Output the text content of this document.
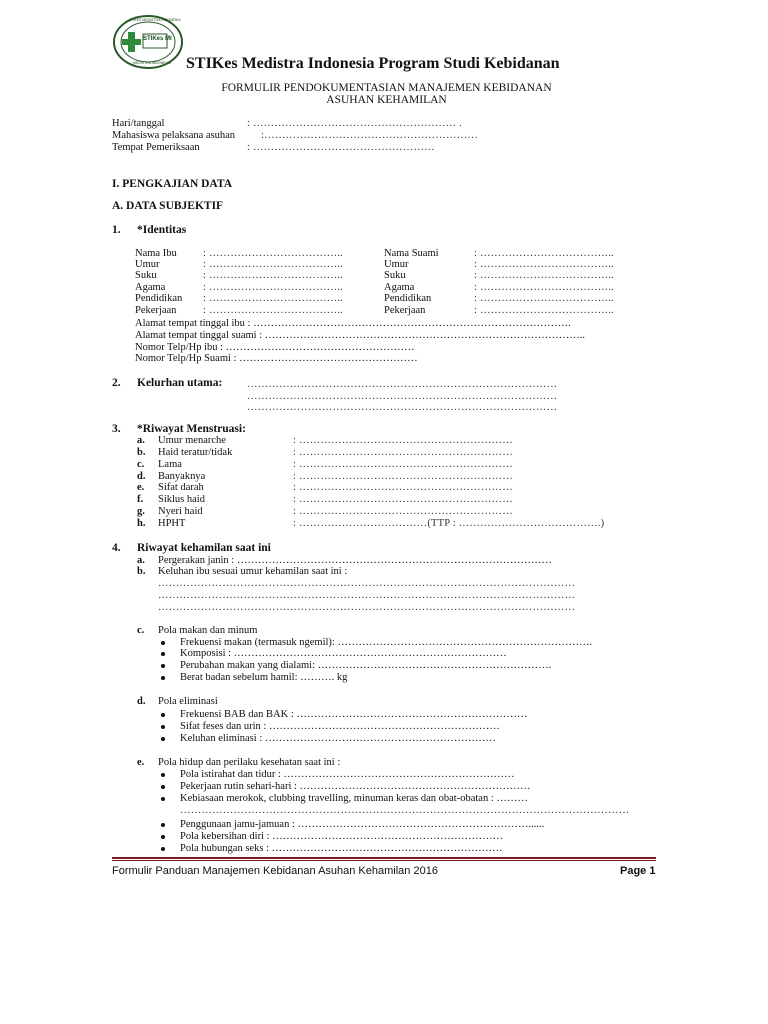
STIKes MI
STIKES MEDISTRA INDONESIA
MEDISTRA INDONESIA STIKes Medistra Indonesia Program Studi Kebidanan
FORMULIR PENDOKUMENTASIAN MANAJEMEN KEBIDANAN
ASUHAN KEHAMILAN
Hari/tanggal	: ………………………………………………… .
Mahasiswa pelaksana asuhan :……………………………………………………
Tempat Pemeriksaan	: ……………………………………………
I. PENGKAJIAN DATA
A. DATA SUBJEKTIF
1. *Identitas
Nama Ibu	: ………………………………..
Umur	: ………………………………..
Suku	: ………………………………..
Agama	: ………………………………..
Pendidikan : ………………………………..
Pekerjaan	: ………………………………..
Nama Suami	: ………………………………..
Umur	: ………………………………..
Suku	: ………………………………..
Agama	: ………………………………..
Pendidikan	: ………………………………..
Pekerjaan	: ………………………………..
Alamat tempat tinggal ibu : ……………………………………………………………………………….
Alamat tempat tinggal suami : ………………………………………………………………………………..
Nomor Telp/Hp ibu : ………………………………………………
Nomor Telp/Hp Suami : ……………………………………………
2. Kelurhan utama: ……………………………………………………………………………
……………………………………………………………………………
……………………………………………………………………………
3. *Riwayat Menstruasi:
a. Umur menarche	: ……………………………………………………
b. Haid teratur/tidak	: ……………………………………………………
c. Lama	: ……………………………………………………
d. Banyaknya	: ……………………………………………………
e. Sifat darah	: ……………………………………………………
f. Siklus haid	: ……………………………………………………
g. Nyeri haid	: ……………………………………………………
h. HPHT	: ………………………………(TTP : ………………………………….)
4. Riwayat kehamilan saat ini
a. Pergerakan janin : ………………………………………………………………………………
b. Keluhan ibu sesuai umur kehamilan saat ini :
………………………………………………………………………………………………………
………………………………………………………………………………………………………
………………………………………………………………………………………………………
c. Pola makan dan minum
Frekuensi makan (termasuk ngemil): ……………………………………………………………….
Komposisi : ……………………………………………………………………
Perubahan makan yang dialami: ………………………………………………………….
Berat badan sebelum hamil: ………. kg
d. Pola eliminasi
Frekuensi BAB dan BAK : …………………………………………………………
Sifat feses dan urin : …………………………………………………………
Keluhan eliminasi : …………………………………………………………
e. Pola hidup dan perilaku kesehatan saat ini :
Pola istirahat dan tidur : …………………………………………………………
Pekerjaan rutin sehari-hari : …………………………………………………………
Kebiasaan merokok, clubbing travelling, minuman keras dan obat-obatan : ………
………………………………………………………………………………………………………………
Penggunaan jamu-jamuan : …………………………………………………………......
Pola kebersihan diri : …………………………………………………………
Pola hubungan seks : …………………………………………………………
Formulir Panduan Manajemen Kebidanan Asuhan Kehamilan 2016	Page 1
